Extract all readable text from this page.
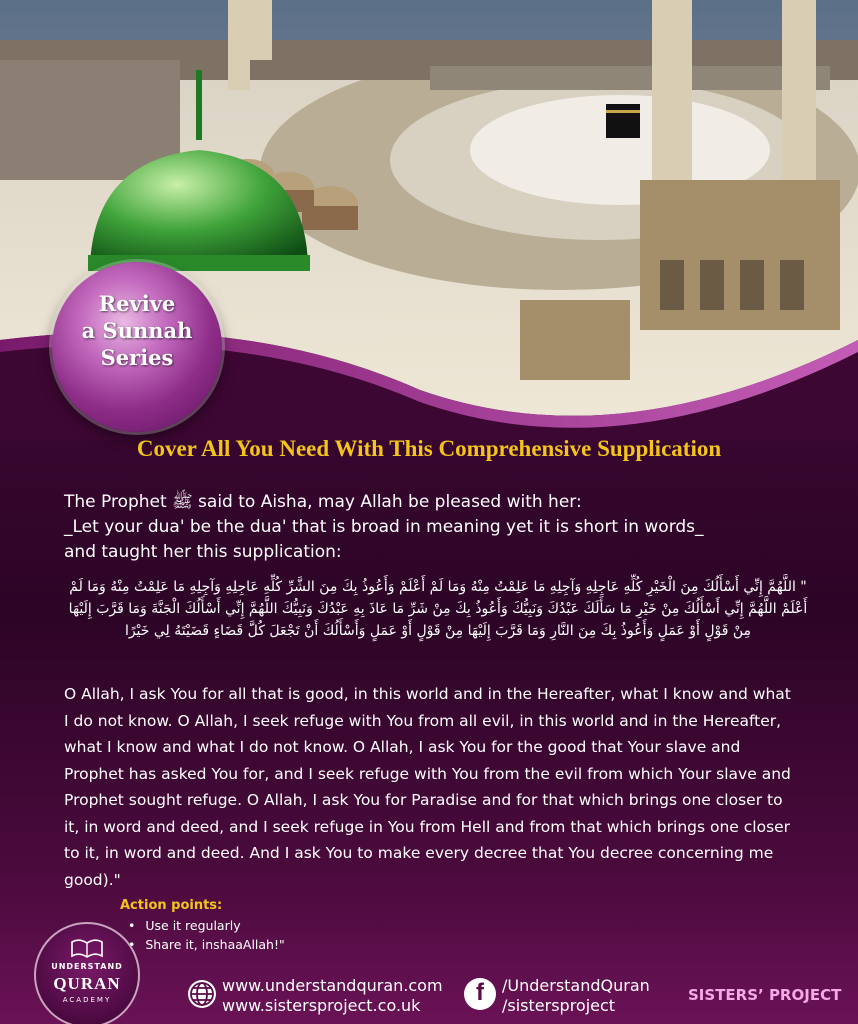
Revive
a Sunnah
Series
Cover All You Need With This Comprehensive Supplication
The Prophet ﷺ said to Aisha, may Allah be pleased with her:
_Let your dua' be the dua' that is broad in meaning yet it is short in words_
and taught her this supplication:
" اللَّهُمَّ إِنِّي أَسْأَلُكَ مِنَ الْخَيْرِ كُلِّهِ عَاجِلِهِ وَآجِلِهِ مَا عَلِمْتُ مِنْهُ وَمَا لَمْ أَعْلَمْ وَأَعُوذُ بِكَ مِنَ الشَّرِّ كُلِّهِ عَاجِلِهِ وَآجِلِهِ مَا عَلِمْتُ مِنْهُ وَمَا لَمْ أَعْلَمْ اللَّهُمَّ إِنِّي أَسْأَلُكَ مِنْ خَيْرِ مَا سَأَلَكَ عَبْدُكَ وَنَبِيُّكَ وَأَعُوذُ بِكَ مِنْ شَرِّ مَا عَاذَ بِهِ عَبْدُكَ وَنَبِيُّكَ اللَّهُمَّ إِنِّي أَسْأَلُكَ الْجَنَّةَ وَمَا قَرَّبَ إِلَيْهَا مِنْ قَوْلٍ أَوْ عَمَلٍ وَأَعُوذُ بِكَ مِنَ النَّارِ وَمَا قَرَّبَ إِلَيْهَا مِنْ قَوْلٍ أَوْ عَمَلٍ وَأَسْأَلُكَ أَنْ تَجْعَلَ كُلَّ قَضَاءٍ قَضَيْتَهُ لِي خَيْرًا
O Allah, I ask You for all that is good, in this world and in the Hereafter, what I know and what I do not know. O Allah, I seek refuge with You from all evil, in this world and in the Hereafter, what I know and what I do not know. O Allah, I ask You for the good that Your slave and Prophet has asked You for, and I seek refuge with You from the evil from which Your slave and Prophet sought refuge. O Allah, I ask You for Paradise and for that which brings one closer to it, in word and deed, and I seek refuge in You from Hell and from that which brings one closer to it, in word and deed. And I ask You to make every decree that You decree concerning me good)."
Action points:
• Use it regularly
• Share it, inshaaAllah!"
UNDERSTAND
QURAN
ACADEMY
www.understandquran.com
www.sistersproject.co.uk	f	/UnderstandQuran
/sistersproject
SISTERS’ PROJECT
